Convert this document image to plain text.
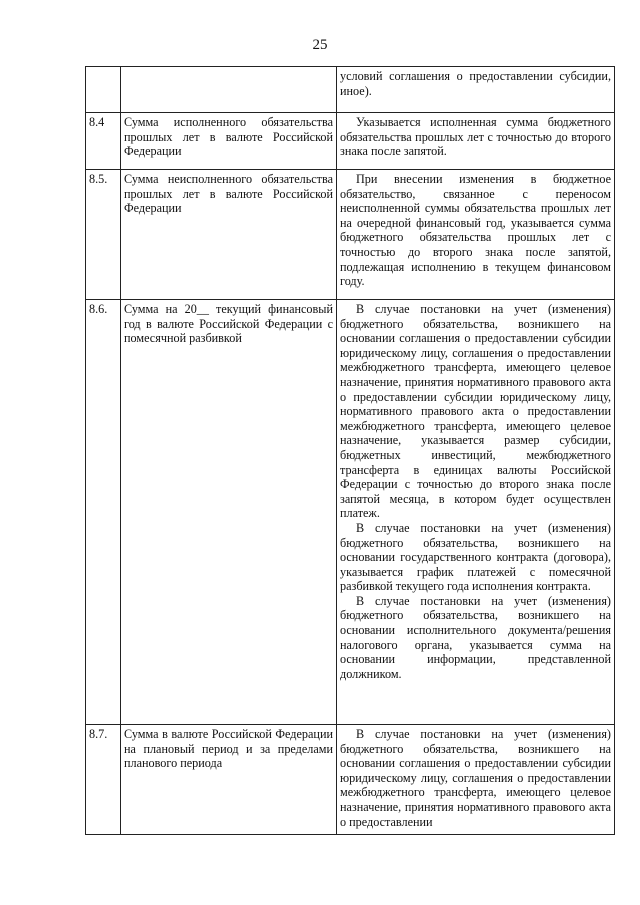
25

		условий соглашения о предоставлении субсидии, иное).

8.4	Сумма исполненного обязательства прошлых лет в валюте Российской Федерации	Указывается исполненная сумма бюджетного обязательства прошлых лет с точностью до второго знака после запятой.

8.5.	Сумма неисполненного обязательства прошлых лет в валюте Российской Федерации	При внесении изменения в бюджетное обязательство, связанное с переносом неисполненной суммы обязательства прошлых лет на очередной финансовый год, указывается сумма бюджетного обязательства прошлых лет с точностью до второго знака после запятой, подлежащая исполнению в текущем финансовом году.

8.6.	Сумма на 20__ текущий финансовый год в валюте Российской Федерации с помесячной разбивкой	В случае постановки на учет (изменения) бюджетного обязательства, возникшего на основании соглашения о предоставлении субсидии юридическому лицу, соглашения о предоставлении межбюджетного трансферта, имеющего целевое назначение, принятия нормативного правового акта о предоставлении субсидии юридическому лицу, нормативного правового акта о предоставлении межбюджетного трансферта, имеющего целевое назначение, указывается размер субсидии, бюджетных инвестиций, межбюджетного трансферта в единицах валюты Российской Федерации с точностью до второго знака после запятой месяца, в котором будет осуществлен платеж.

В случае постановки на учет (изменения) бюджетного обязательства, возникшего на основании государственного контракта (договора), указывается график платежей с помесячной разбивкой текущего года исполнения контракта.

В случае постановки на учет (изменения) бюджетного обязательства, возникшего на основании исполнительного документа/решения налогового органа, указывается сумма на основании информации, представленной должником.

8.7.	Сумма в валюте Российской Федерации на плановый период и за пределами планового периода	В случае постановки на учет (изменения) бюджетного обязательства, возникшего на основании соглашения о предоставлении субсидии юридическому лицу, соглашения о предоставлении межбюджетного трансферта, имеющего целевое назначение, принятия нормативного правового акта о предоставлении
